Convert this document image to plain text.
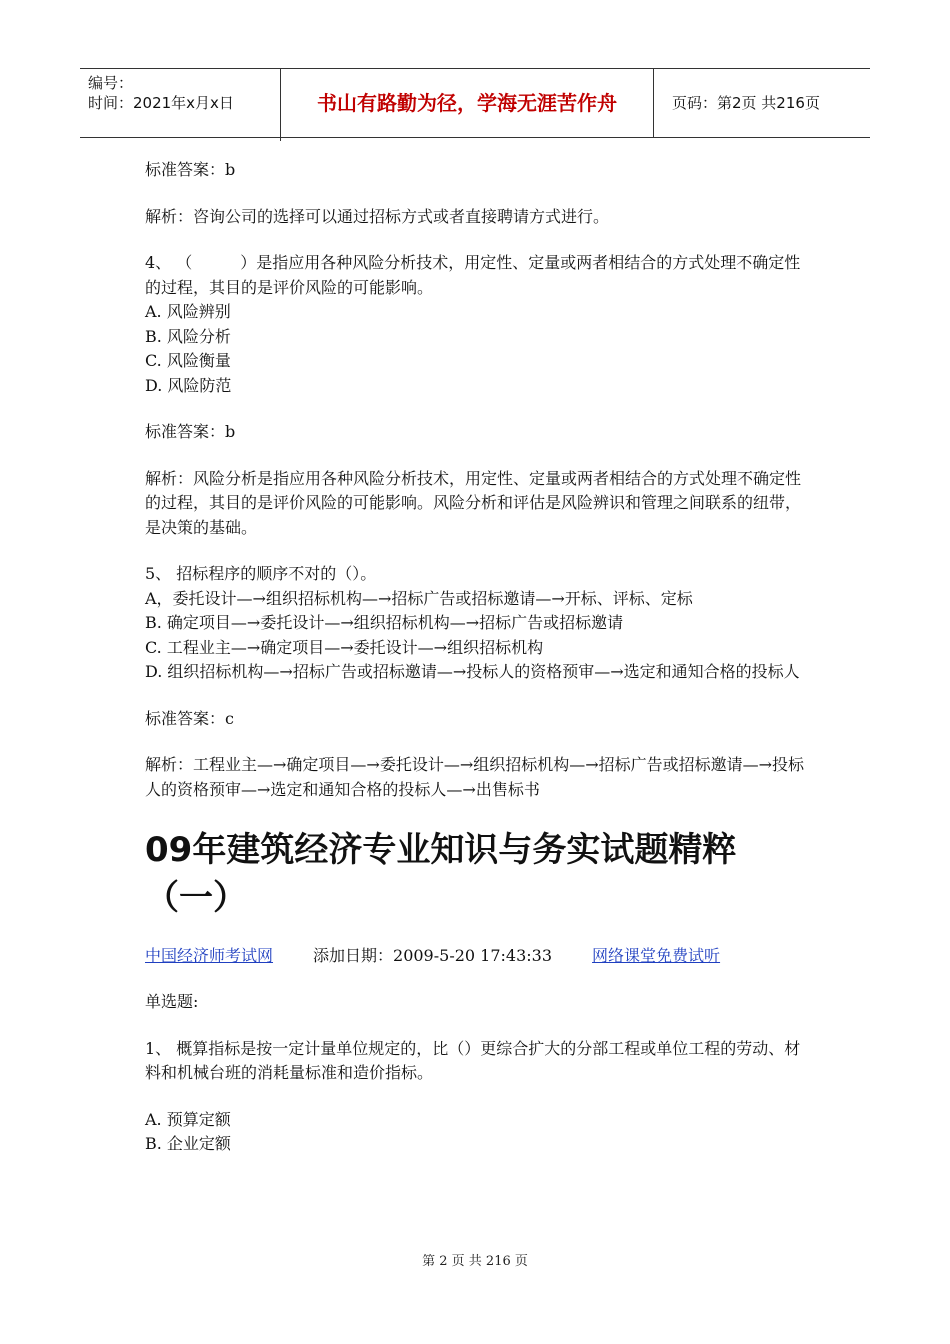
编号：
时间：2021年x月x日	书山有路勤为径，学海无涯苦作舟	页码：第2页 共216页

标准答案：b

解析：咨询公司的选择可以通过招标方式或者直接聘请方式进行。

4、 （　　　）是指应用各种风险分析技术，用定性、定量或两者相结合的方式处理不确定性的过程，其目的是评价风险的可能影响。

A. 风险辨别

B. 风险分析

C. 风险衡量

D. 风险防范

标准答案：b

解析：风险分析是指应用各种风险分析技术，用定性、定量或两者相结合的方式处理不确定性的过程，其目的是评价风险的可能影响。风险分析和评估是风险辨识和管理之间联系的纽带，是决策的基础。

5、 招标程序的顺序不对的（）。

A，委托设计—→组织招标机构—→招标广告或招标邀请—→开标、评标、定标

B. 确定项目—→委托设计—→组织招标机构—→招标广告或招标邀请

C. 工程业主—→确定项目—→委托设计—→组织招标机构

D. 组织招标机构—→招标广告或招标邀请—→投标人的资格预审—→选定和通知合格的投标人

标准答案：c

解析：工程业主—→确定项目—→委托设计—→组织招标机构—→招标广告或招标邀请—→投标人的资格预审—→选定和通知合格的投标人—→出售标书

09年建筑经济专业知识与务实试题精粹（一）
中国经济师考试网	添加日期：2009-5-20 17:43:33	网络课堂免费试听

单选题:

1、 概算指标是按一定计量单位规定的，比（）更综合扩大的分部工程或单位工程的劳动、材料和机械台班的消耗量标准和造价指标。

A. 预算定额

B. 企业定额

第 2 页 共 216 页
